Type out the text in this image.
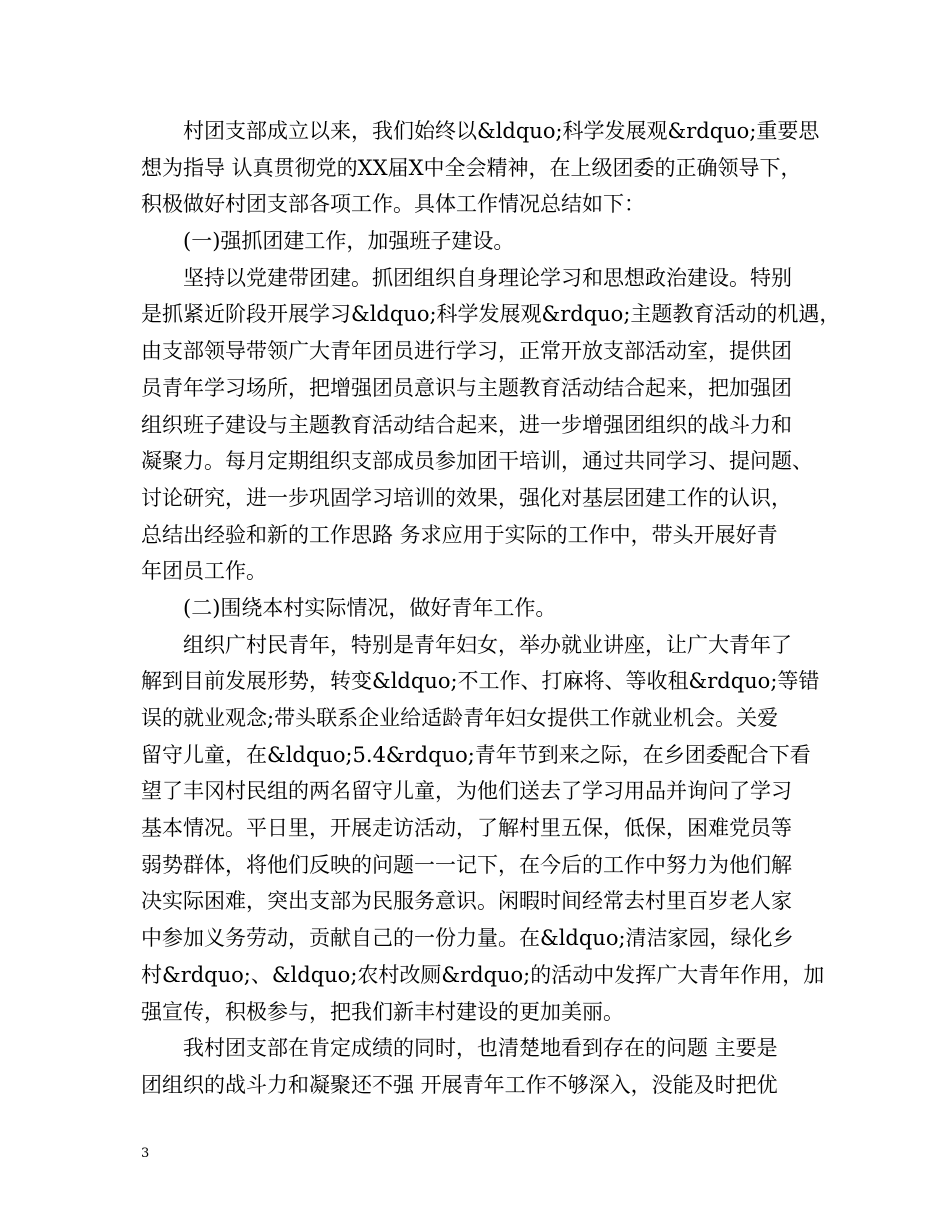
村团支部成立以来，我们始终以&ldquo;科学发展观&rdquo;重要思
想为指导 认真贯彻党的XX届X中全会精神，在上级团委的正确领导下，
积极做好村团支部各项工作。具体工作情况总结如下：
(一)强抓团建工作，加强班子建设。
坚持以党建带团建。抓团组织自身理论学习和思想政治建设。特别
是抓紧近阶段开展学习&ldquo;科学发展观&rdquo;主题教育活动的机遇，
由支部领导带领广大青年团员进行学习，正常开放支部活动室，提供团
员青年学习场所，把增强团员意识与主题教育活动结合起来，把加强团
组织班子建设与主题教育活动结合起来，进一步增强团组织的战斗力和
凝聚力。每月定期组织支部成员参加团干培训，通过共同学习、提问题、
讨论研究，进一步巩固学习培训的效果，强化对基层团建工作的认识，
总结出经验和新的工作思路 务求应用于实际的工作中，带头开展好青
年团员工作。
(二)围绕本村实际情况，做好青年工作。
组织广村民青年，特别是青年妇女，举办就业讲座，让广大青年了
解到目前发展形势，转变&ldquo;不工作、打麻将、等收租&rdquo;等错
误的就业观念;带头联系企业给适龄青年妇女提供工作就业机会。关爱
留守儿童，在&ldquo;5.4&rdquo;青年节到来之际，在乡团委配合下看
望了丰冈村民组的两名留守儿童，为他们送去了学习用品并询问了学习
基本情况。平日里，开展走访活动，了解村里五保，低保，困难党员等
弱势群体，将他们反映的问题一一记下，在今后的工作中努力为他们解
决实际困难，突出支部为民服务意识。闲暇时间经常去村里百岁老人家
中参加义务劳动，贡献自己的一份力量。在&ldquo;清洁家园，绿化乡
村&rdquo;、&ldquo;农村改厕&rdquo;的活动中发挥广大青年作用，加
强宣传，积极参与，把我们新丰村建设的更加美丽。
我村团支部在肯定成绩的同时，也清楚地看到存在的问题 主要是
团组织的战斗力和凝聚还不强 开展青年工作不够深入，没能及时把优
3
